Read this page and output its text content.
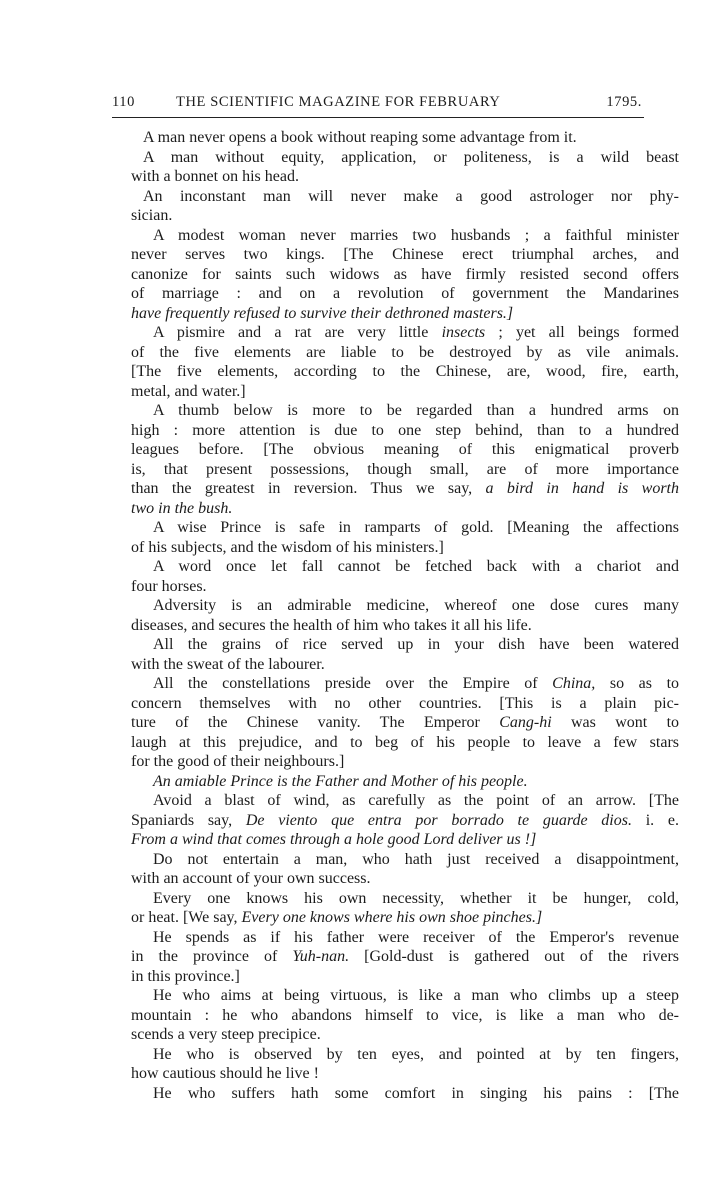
110	THE SCIENTIFIC MAGAZINE FOR FEBRUARY	1795.
A man never opens a book without reaping some advantage from it.
A man without equity, application, or politeness, is a wild beast
with a bonnet on his head.
An inconstant man will never make a good astrologer nor phy-
sician.
A modest woman never marries two husbands ; a faithful minister
never serves two kings. [The Chinese erect triumphal arches, and
canonize for saints such widows as have firmly resisted second offers
of marriage : and on a revolution of government the Mandarines
have frequently refused to survive their dethroned masters.]
A pismire and a rat are very little insects ; yet all beings formed
of the five elements are liable to be destroyed by as vile animals.
[The five elements, according to the Chinese, are, wood, fire, earth,
metal, and water.]
A thumb below is more to be regarded than a hundred arms on
high : more attention is due to one step behind, than to a hundred
leagues before. [The obvious meaning of this enigmatical proverb
is, that present possessions, though small, are of more importance
than the greatest in reversion. Thus we say, a bird in hand is worth
two in the bush.
A wise Prince is safe in ramparts of gold. [Meaning the affections
of his subjects, and the wisdom of his ministers.]
A word once let fall cannot be fetched back with a chariot and
four horses.
Adversity is an admirable medicine, whereof one dose cures many
diseases, and secures the health of him who takes it all his life.
All the grains of rice served up in your dish have been watered
with the sweat of the labourer.
All the constellations preside over the Empire of China, so as to
concern themselves with no other countries. [This is a plain pic-
ture of the Chinese vanity. The Emperor Cang-hi was wont to
laugh at this prejudice, and to beg of his people to leave a few stars
for the good of their neighbours.]
An amiable Prince is the Father and Mother of his people.
Avoid a blast of wind, as carefully as the point of an arrow. [The
Spaniards say, De viento que entra por borrado te guarde dios. i. e.
From a wind that comes through a hole good Lord deliver us !]
Do not entertain a man, who hath just received a disappointment,
with an account of your own success.
Every one knows his own necessity, whether it be hunger, cold,
or heat. [We say, Every one knows where his own shoe pinches.]
He spends as if his father were receiver of the Emperor's revenue
in the province of Yuh-nan. [Gold-dust is gathered out of the rivers
in this province.]
He who aims at being virtuous, is like a man who climbs up a steep
mountain : he who abandons himself to vice, is like a man who de-
scends a very steep precipice.
He who is observed by ten eyes, and pointed at by ten fingers,
how cautious should he live !
He who suffers hath some comfort in singing his pains : [The
